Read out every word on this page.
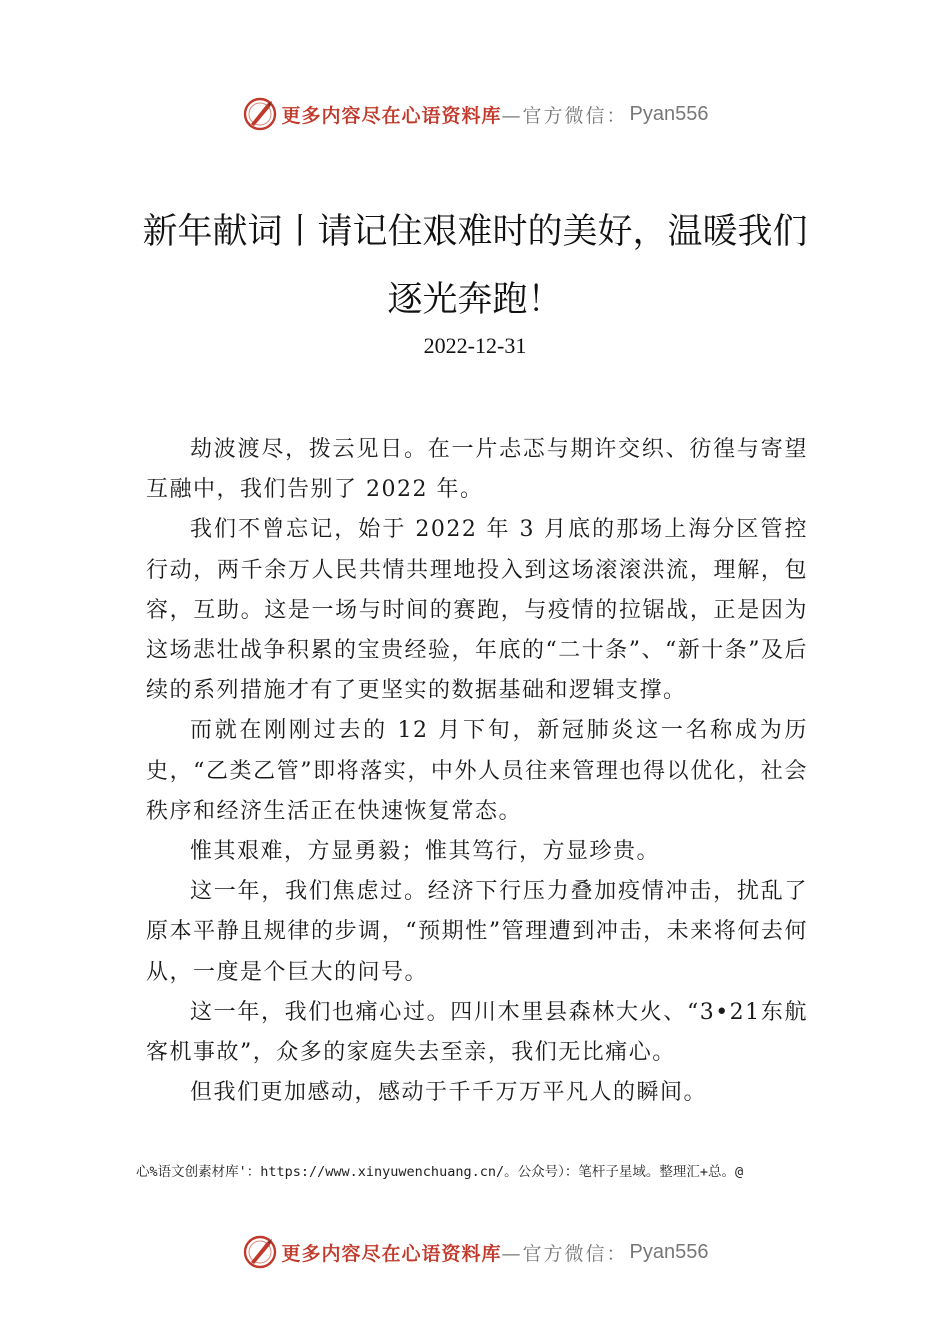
更多内容尽在心语资料库 —官方微信： Pyan556
新年献词丨请记住艰难时的美好，温暖我们逐光奔跑！
2022-12-31

劫波渡尽，拨云见日。在一片忐忑与期许交织、彷徨与寄望互融中，我们告别了 2022 年。

我们不曾忘记，始于 2022 年 3 月底的那场上海分区管控行动，两千余万人民共情共理地投入到这场滚滚洪流，理解，包容，互助。这是一场与时间的赛跑，与疫情的拉锯战，正是因为这场悲壮战争积累的宝贵经验，年底的“二十条”、“新十条”及后续的系列措施才有了更坚实的数据基础和逻辑支撑。

而就在刚刚过去的 12 月下旬，新冠肺炎这一名称成为历史，“乙类乙管”即将落实，中外人员往来管理也得以优化，社会秩序和经济生活正在快速恢复常态。

惟其艰难，方显勇毅；惟其笃行，方显珍贵。

这一年，我们焦虑过。经济下行压力叠加疫情冲击，扰乱了原本平静且规律的步调，“预期性”管理遭到冲击，未来将何去何从，一度是个巨大的问号。

这一年，我们也痛心过。四川木里县森林大火、“3•21东航客机事故”，众多的家庭失去至亲，我们无比痛心。

但我们更加感动，感动于千千万万平凡人的瞬间。

心%语文创素材库'：https://www.xinyuwenchuang.cn/。公众号）：笔杆子星域。整理汇+总。@

更多内容尽在心语资料库 —官方微信： Pyan556
